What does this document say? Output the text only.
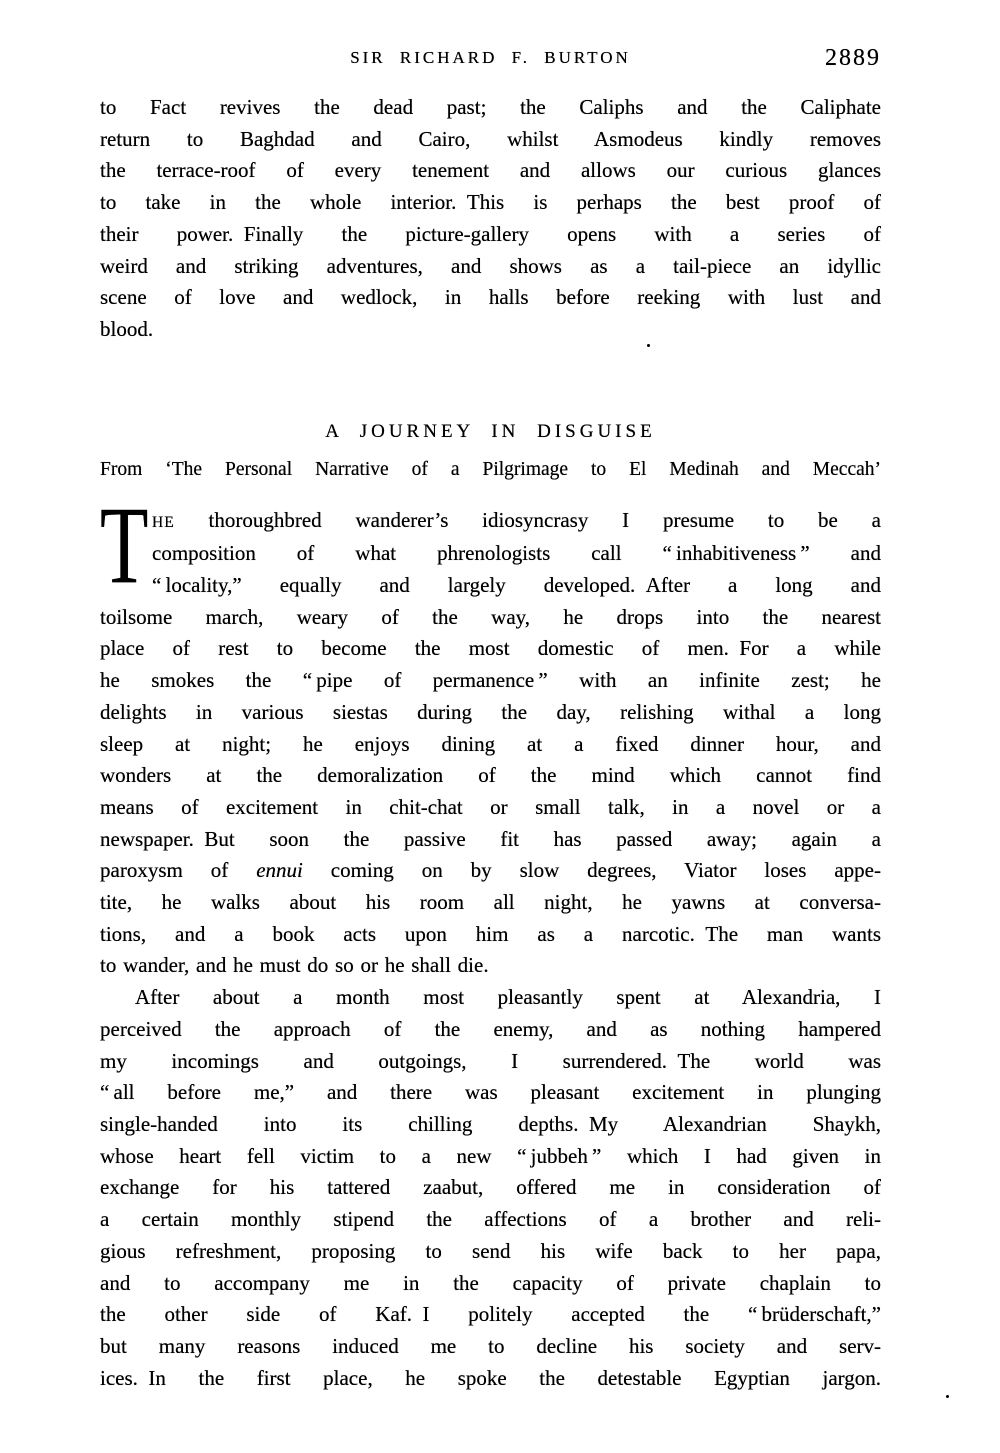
SIR RICHARD F. BURTON	2889
to Fact revives the dead past; the Caliphs and the Caliphate
return to Baghdad and Cairo, whilst Asmodeus kindly removes
the terrace-roof of every tenement and allows our curious glances
to take in the whole interior. This is perhaps the best proof of
their power. Finally the picture-gallery opens with a series of
weird and striking adventures, and shows as a tail-piece an idyllic
scene of love and wedlock, in halls before reeking with lust and
blood.
A JOURNEY IN DISGUISE
From ‘The Personal Narrative of a Pilgrimage to El Medinah and Meccah’
T HE thoroughbred wanderer’s idiosyncrasy I presume to be a
composition of what phrenologists call “ inhabitiveness ” and
“ locality,” equally and largely developed. After a long and
toilsome march, weary of the way, he drops into the nearest
place of rest to become the most domestic of men. For a while
he smokes the “ pipe of permanence ” with an infinite zest; he
delights in various siestas during the day, relishing withal a long
sleep at night; he enjoys dining at a fixed dinner hour, and
wonders at the demoralization of the mind which cannot find
means of excitement in chit-chat or small talk, in a novel or a
newspaper. But soon the passive fit has passed away; again a
paroxysm of ennui coming on by slow degrees, Viator loses appe-
tite, he walks about his room all night, he yawns at conversa-
tions, and a book acts upon him as a narcotic. The man wants
to wander, and he must do so or he shall die.
After about a month most pleasantly spent at Alexandria, I
perceived the approach of the enemy, and as nothing hampered
my incomings and outgoings, I surrendered. The world was
“ all before me,” and there was pleasant excitement in plunging
single-handed into its chilling depths. My Alexandrian Shaykh,
whose heart fell victim to a new “ jubbeh ” which I had given in
exchange for his tattered zaabut, offered me in consideration of
a certain monthly stipend the affections of a brother and reli-
gious refreshment, proposing to send his wife back to her papa,
and to accompany me in the capacity of private chaplain to
the other side of Kaf. I politely accepted the “ brüderschaft,”
but many reasons induced me to decline his society and serv-
ices. In the first place, he spoke the detestable Egyptian jargon.
